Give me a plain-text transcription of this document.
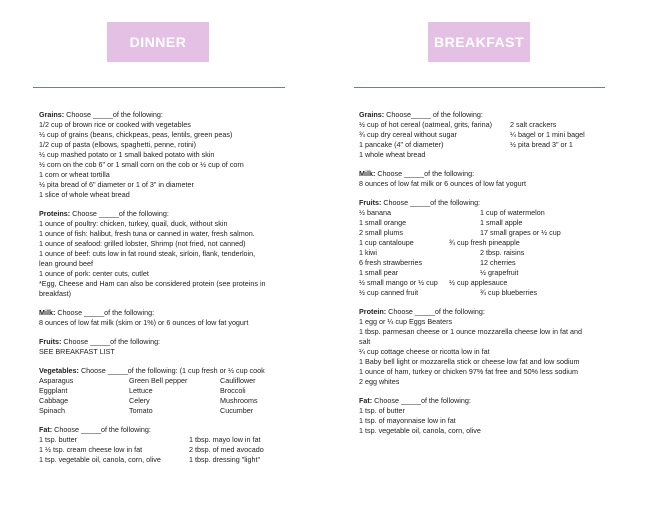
DINNER
Grains: Choose _____of the following:
1/2 cup of brown rice or cooked with vegetables
½ cup of grains (beans, chickpeas, peas, lentils, green peas)
1/2 cup of pasta (elbows, spaghetti, penne, rotini)
½ cup mashed potato or 1 small baked potato with skin
½ corn on the cob 6" or 1 small corn on the cob or ½ cup of corn
1 corn or wheat tortilla
½ pita bread of 6" diameter or 1 of 3" in diameter
1 slice of whole wheat bread
Proteins: Choose _____of the following:
1 ounce of poultry: chicken, turkey, quail, duck, without skin
1 ounce of fish: halibut, fresh tuna or canned in water, fresh salmon.
1 ounce of seafood: grilled lobster, Shrimp (not fried, not canned)
1 ounce of beef: cuts low in fat round steak, sirloin, flank, tenderloin,
lean ground beef
1 ounce of pork: center cuts, cutlet
*Egg, Cheese and Ham can also be considered protein (see proteins in
breakfast)
Milk: Choose _____of the following:
8 ounces of low fat milk (skim or 1%) or 6 ounces of low fat yogurt
Fruits: Choose _____of the following:
SEE BREAKFAST LIST
Vegetables: Choose _____of the following: (1 cup fresh or ½ cup cook
Asparagus	Green Bell pepper	Cauliflower
Eggplant	Lettuce	Broccoli
Cabbage	Celery	Mushrooms
Spinach	Tomato	Cucumber
Fat: Choose _____of the following:
1 tsp. butter	1 tbsp. mayo low in fat
1 ½ tsp. cream cheese low in fat	2 tbsp. of med avocado
1 tsp. vegetable oil, canola, corn, olive	1 tbsp. dressing "light"
BREAKFAST
Grains: Choose_____ of the following:
½ cup of hot cereal (oatmeal, grits, farina)	2 salt crackers
¾ cup dry cereal without sugar	¼ bagel or 1 mini bagel
1 pancake (4" of diameter)	½ pita bread 3" or 1
1 whole wheat bread
Milk: Choose _____of the following:
8 ounces of low fat milk or 6 ounces of low fat yogurt
Fruits: Choose _____of the following:
½ banana	1 cup of watermelon
1 small orange	1 small apple
2 small plums	17 small grapes or ½ cup
1 cup cantaloupe	¾ cup fresh pineapple
1 kiwi	2 tbsp. raisins
6 fresh strawberries	12 cherries
1 small pear	½ grapefruit
½ small mango or ½ cup	½ cup applesauce
½ cup canned fruit	¾ cup blueberries
Protein: Choose _____of the following:
1 egg or ¼ cup Eggs Beaters
1 tbsp. parmesan cheese or 1 ounce mozzarella cheese low in fat and
salt
¼ cup cottage cheese or ricotta low in fat
1 Baby bell light or mozzarella stick or cheese low fat and low sodium
1 ounce of ham, turkey or chicken 97% fat free and 50% less sodium
2 egg whites
Fat: Choose _____of the following:
1 tsp. of butter
1 tsp. of mayonnaise low in fat
1 tsp. vegetable oil, canola, corn, olive
